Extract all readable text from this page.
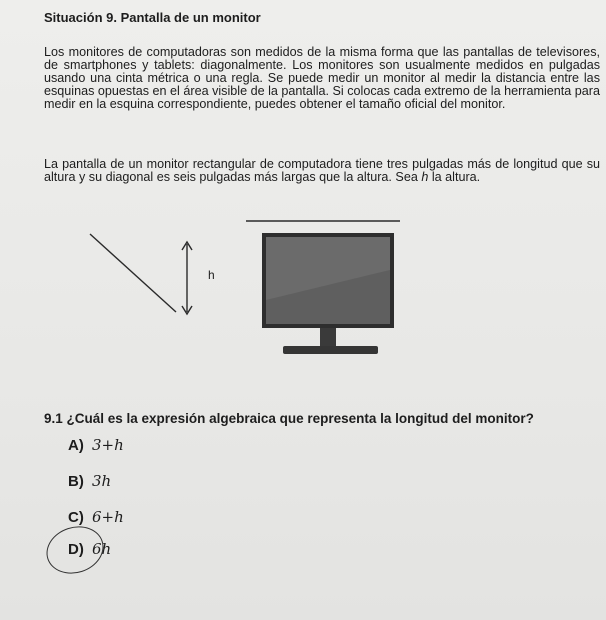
Situación 9. Pantalla de un monitor

Los monitores de computadoras son medidos de la misma forma que las pantallas de televisores, de smartphones y tablets: diagonalmente. Los monitores son usualmente medidos en pulgadas usando una cinta métrica o una regla. Se puede medir un monitor al medir la distancia entre las esquinas opuestas en el área visible de la pantalla. Si colocas cada extremo de la herramienta para medir en la esquina correspondiente, puedes obtener el tamaño oficial del monitor.

La pantalla de un monitor rectangular de computadora tiene tres pulgadas más de longitud que su altura y su diagonal es seis pulgadas más largas que la altura. Sea h la altura.

h
9.1 ¿Cuál es la expresión algebraica que representa la longitud del monitor?
A) 3+h
B) 3h
C) 6+h
D) 6h
